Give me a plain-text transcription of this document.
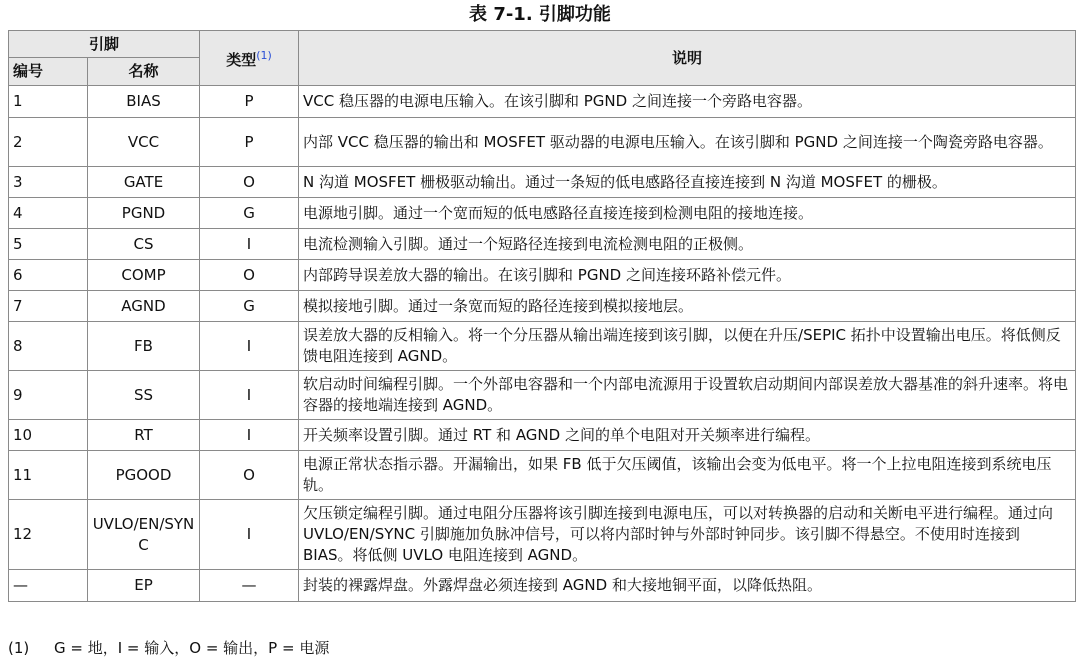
表 7-1. 引脚功能
引脚		类型$^{(1)}$	说明
编号	名称		
1	BIAS	P	VCC 稳压器的电源电压输入。在该引脚和 PGND 之间连接一个旁路电容器。
2	VCC	P	内部 VCC 稳压器的输出和 MOSFET 驱动器的电源电压输入。在该引脚和 PGND 之间连接一个陶瓷旁路电容器。
3	GATE	O	N 沟道 MOSFET 栅极驱动输出。通过一条短的低电感路径直接连接到 N 沟道 MOSFET 的栅极。
4	PGND	G	电源地引脚。通过一个宽而短的低电感路径直接连接到检测电阻的接地连接。
5	CS	I	电流检测输入引脚。通过一个短路径连接到电流检测电阻的正极侧。
6	COMP	O	内部跨导误差放大器的输出。在该引脚和 PGND 之间连接环路补偿元件。
7	AGND	G	模拟接地引脚。通过一条宽而短的路径连接到模拟接地层。
8	FB	I	误差放大器的反相输入。将一个分压器从输出端连接到该引脚，以便在升压/SEPIC 拓扑中设置输出电压。将低侧反馈电阻连接到 AGND。
9	SS	I	软启动时间编程引脚。一个外部电容器和一个内部电流源用于设置软启动期间内部误差放大器基准的斜升速率。将电容器的接地端连接到 AGND。
10	RT	I	开关频率设置引脚。通过 RT 和 AGND 之间的单个电阻对开关频率进行编程。
11	PGOOD	O	电源正常状态指示器。开漏输出，如果 FB 低于欠压阈值，该输出会变为低电平。将一个上拉电阻连接到系统电压轨。
12	UVLO/EN/SYNC	I	欠压锁定编程引脚。通过电阻分压器将该引脚连接到电源电压，可以对转换器的启动和关断电平进行编程。通过向 UVLO/EN/SYNC 引脚施加负脉冲信号，可以将内部时钟与外部时钟同步。该引脚不得悬空。不使用时连接到 BIAS。将低侧 UVLO 电阻连接到 AGND。
—	EP	—	封装的裸露焊盘。外露焊盘必须连接到 AGND 和大接地铜平面，以降低热阻。
(1) G = 地，I = 输入，O = 输出，P = 电源
